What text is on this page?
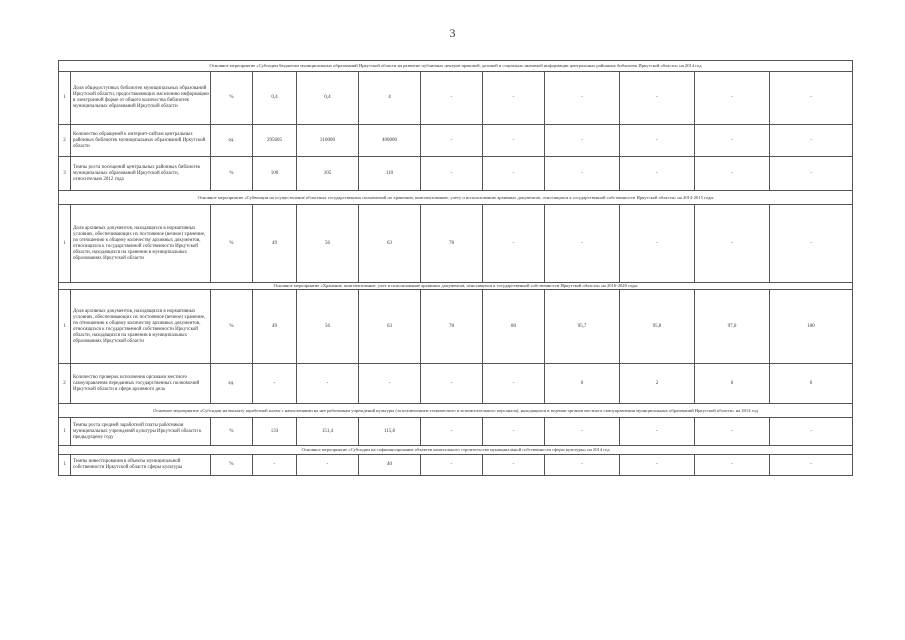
3
Основное мероприятие «Субсидии бюджетам муниципальных образований Иркутской области на развитие публичных центров правовой, деловой и социально значимой информации центральных районных библиотек Иркутской области» на 2014 год											
1	Доля общедоступных библиотек муниципальных образований Иркутской области, предоставляющих населению информацию в электронной форме от общего количества библиотек муниципальных образований Иркутской области	%	0,4	0,4	4	-	-	-	-	-	-
2	Количество обращений к интернет-сайтам центральных районных библиотек муниципальных образований Иркутской области	ед.	295605	310000	400000	-	-	-	-	-	-
3	Темпы роста посещений центральных районных библиотек муниципальных образований Иркутской области, относительно 2012 года	%	100	105	110	-	-	-	-	-	-
Основное мероприятие «Субвенции на осуществление областных государственных полномочий по хранению, комплектованию, учету и использованию архивных документов, относящихся к государственной собственности Иркутской области» на 2014-2015 годы											
1	Доля архивных документов, находящихся в нормативных условиях, обеспечивающих их постоянное (вечное) хранение, по отношению к общему количеству архивных документов, относящихся к государственной собственности Иркутской области, находящихся на хранении в муниципальных образованиях Иркутской области	%	49	56	63	78	-	-	-	-	-
Основное мероприятие «Хранение, комплектование, учет и использование архивных документов, относящихся к государственной собственности Иркутской области» на 2016-2020 годы											
1	Доля архивных документов, находящихся в нормативных условиях, обеспечивающих их постоянное (вечное) хранение, по отношению к общему количеству архивных документов, относящихся к государственной собственности Иркутской области, находящихся на хранении в муниципальных образованиях Иркутской области	%	49	56	63	78	80	95,7	95,8	97,0	100
2	Количество проверок исполнения органами местного самоуправления переданных государственных полномочий Иркутской области в сфере архивного дела	ед.	-	-	-	-	-	6	2	6	6
Основное мероприятие «Субсидии на выплату заработной платы с начислениями на нее работникам учреждений культуры (за исключением технического и вспомогательного персонала), находящихся в ведении органов местного самоуправления муниципальных образований Иркутской области» на 2014 год											
1	Темпы роста средней заработной платы работников муниципальных учреждений культуры Иркутской области к предыдущему году	%	133	151,4	115,8	-	-	-	-	-	-
Основное мероприятие «Субсидии на софинансирование объектов капитального строительства муниципальной собственности сферы культуры» на 2014 год											
1	Темпы инвестирования в объекты муниципальной собственности Иркутской области сферы культуры	%	-	-	40	-	-	-	-	-	-
